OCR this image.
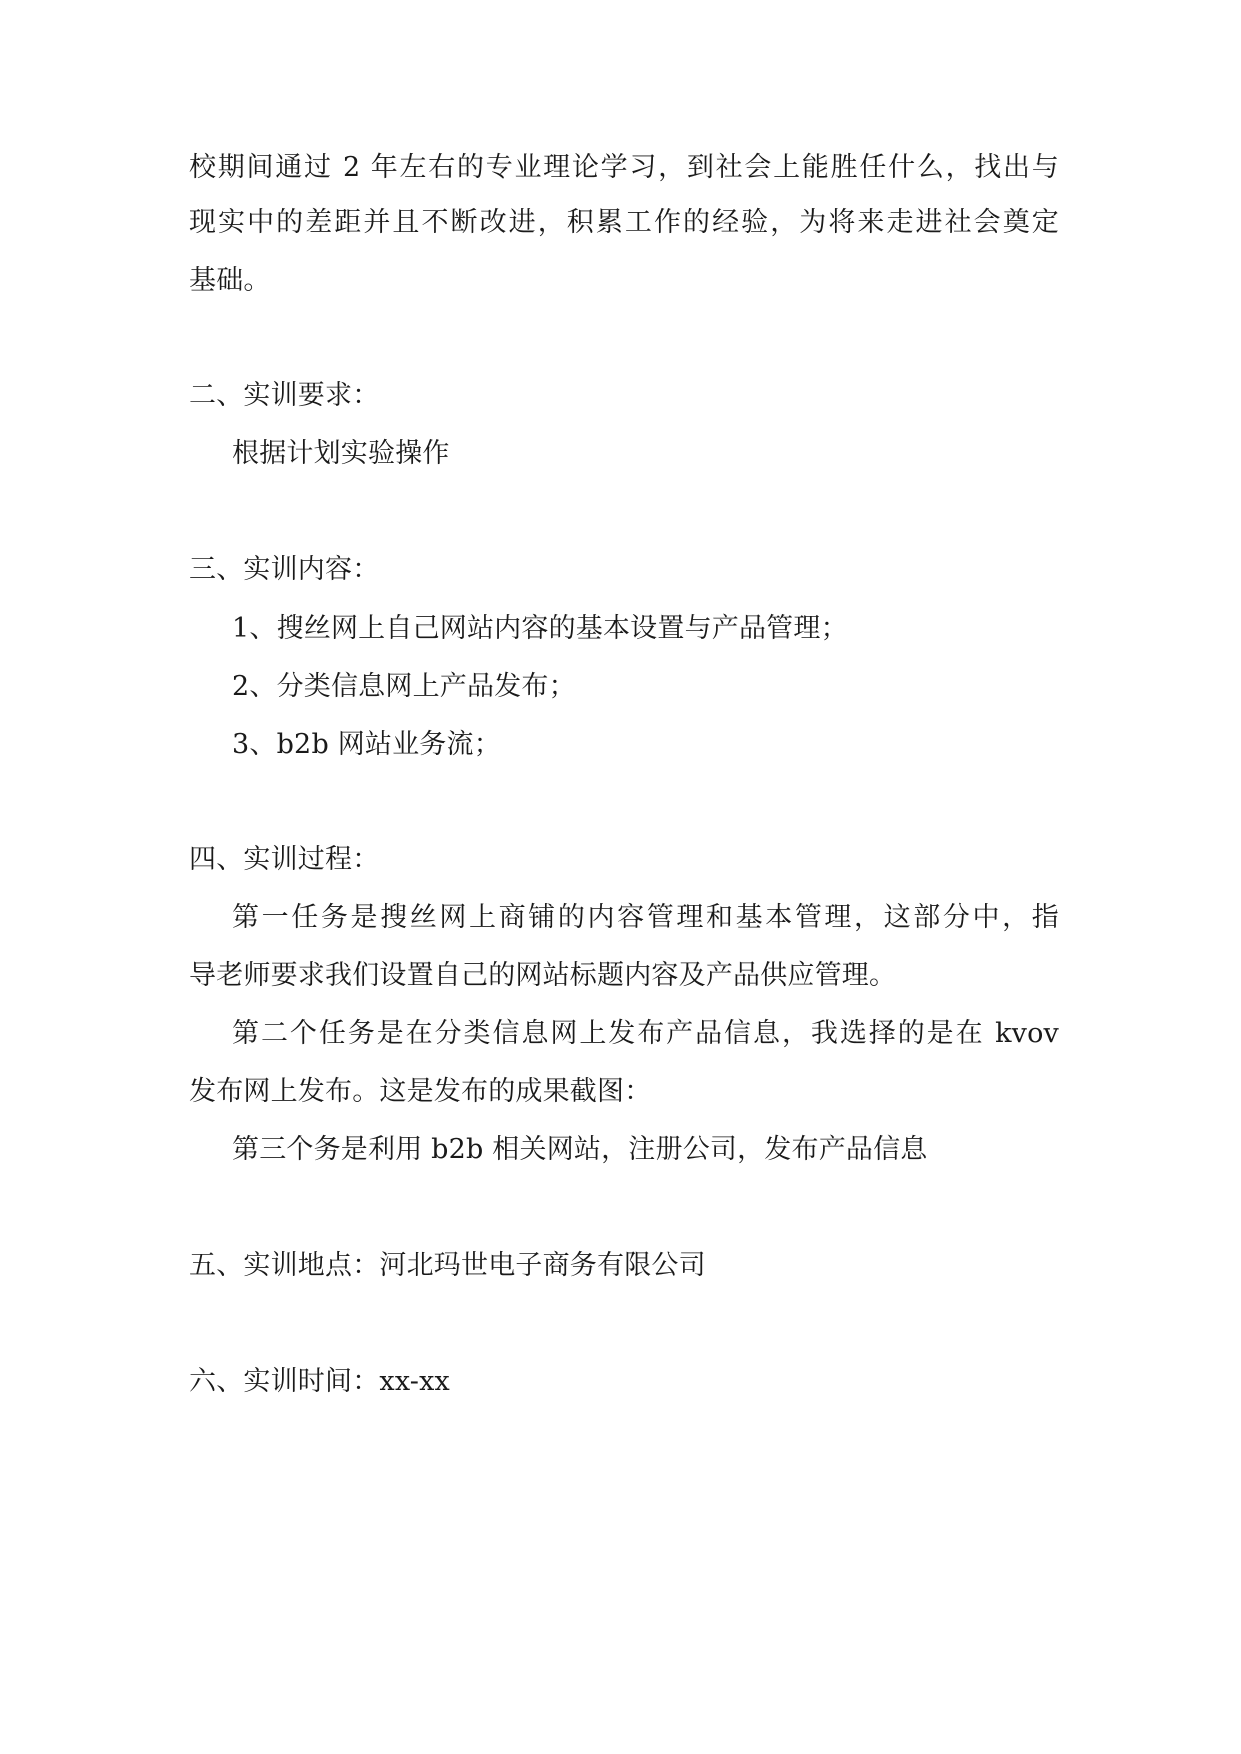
校期间通过 2 年左右的专业理论学习，到社会上能胜任什么，找出与
现实中的差距并且不断改进，积累工作的经验，为将来走进社会奠定
基础。
二、实训要求：
根据计划实验操作
三、实训内容：
1、搜丝网上自己网站内容的基本设置与产品管理；
2、分类信息网上产品发布；
3、b2b 网站业务流；
四、实训过程：
第一任务是搜丝网上商铺的内容管理和基本管理，这部分中，指
导老师要求我们设置自己的网站标题内容及产品供应管理。
第二个任务是在分类信息网上发布产品信息，我选择的是在 kvov
发布网上发布。这是发布的成果截图：
第三个务是利用 b2b 相关网站，注册公司，发布产品信息
五、实训地点：河北玛世电子商务有限公司
六、实训时间：xx-xx
